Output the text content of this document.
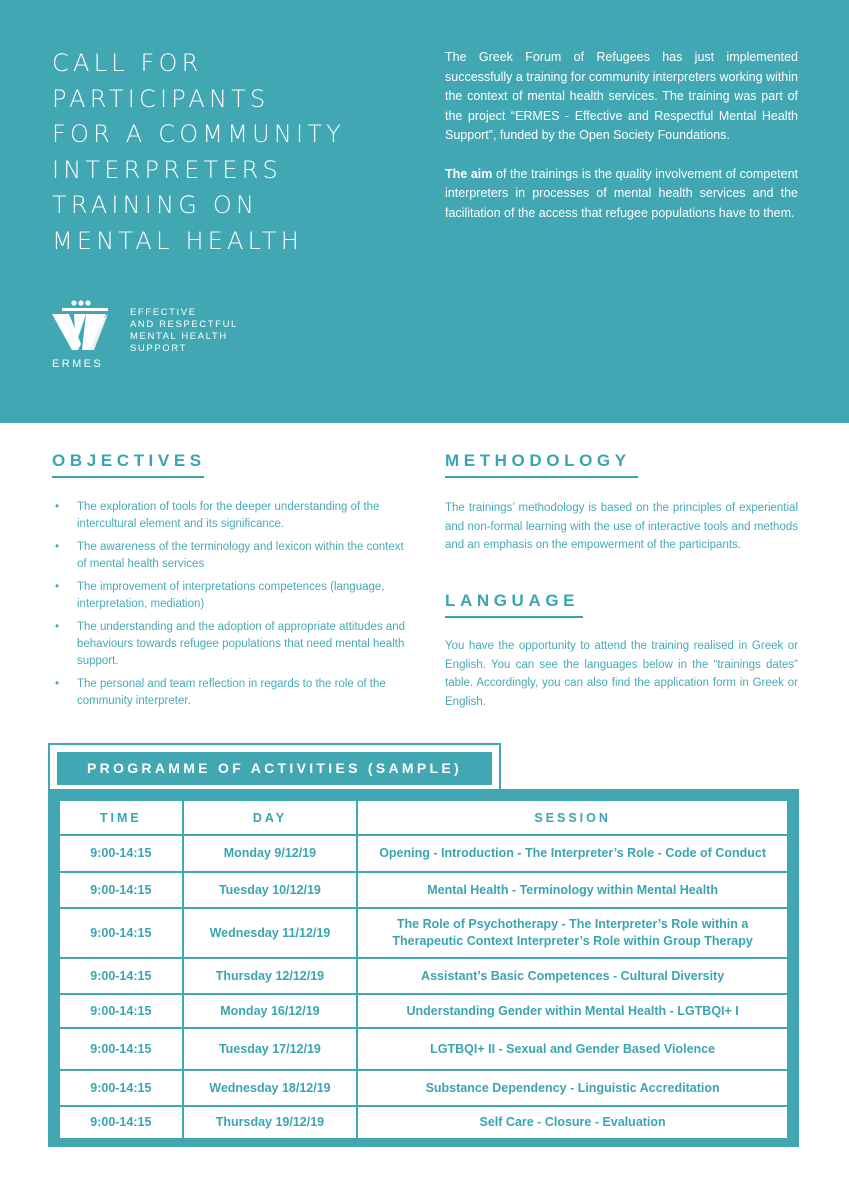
CALL FOR
PARTICIPANTS
FOR A COMMUNITY
INTERPRETERS
TRAINING ON
MENTAL HEALTH

The Greek Forum of Refugees has just implemented successfully a training for community interpreters working within the context of mental health services. The training was part of the project “ERMES - Effective and Respectful Mental Health Support”, funded by the Open Society Foundations.

The aim of the trainings is the quality involvement of competent interpreters in processes of mental health services and the facilitation of the access that refugee populations have to them.

ERMES
EFFECTIVE
AND RESPECTFUL
MENTAL HEALTH
SUPPORT
OBJECTIVES
• The exploration of tools for the deeper understanding of the intercultural element and its significance.
• The awareness of the terminology and lexicon within the context of mental health services
• The improvement of interpretations competences (language, interpretation, mediation)
• The understanding and the adoption of appropriate attitudes and behaviours towards refugee populations that need mental health support.
• The personal and team reflection in regards to the role of the community interpreter.
METHODOLOGY
The trainings’ methodology is based on the principles of experiential and non-formal learning with the use of interactive tools and methods and an emphasis on the empowerment of the participants.
LANGUAGE
You have the opportunity to attend the training realised in Greek or English. You can see the languages below in the “trainings dates” table. Accordingly, you can also find the application form in Greek or English.
PROGRAMME OF ACTIVITIES (SAMPLE)
TIME	DAY	SESSION
9:00-14:15	Monday 9/12/19	Opening - Introduction - The Interpreter’s Role - Code of Conduct
9:00-14:15	Tuesday 10/12/19	Mental Health - Terminology within Mental Health
9:00-14:15	Wednesday 11/12/19	The Role of Psychotherapy - The Interpreter’s Role within a Therapeutic Context Interpreter’s Role within Group Therapy
9:00-14:15	Thursday 12/12/19	Assistant’s Basic Competences - Cultural Diversity
9:00-14:15	Monday 16/12/19	Understanding Gender within Mental Health - LGTBQI+ I
9:00-14:15	Tuesday 17/12/19	LGTBQI+ II - Sexual and Gender Based Violence
9:00-14:15	Wednesday 18/12/19	Substance Dependency - Linguistic Accreditation
9:00-14:15	Thursday 19/12/19	Self Care - Closure - Evaluation
